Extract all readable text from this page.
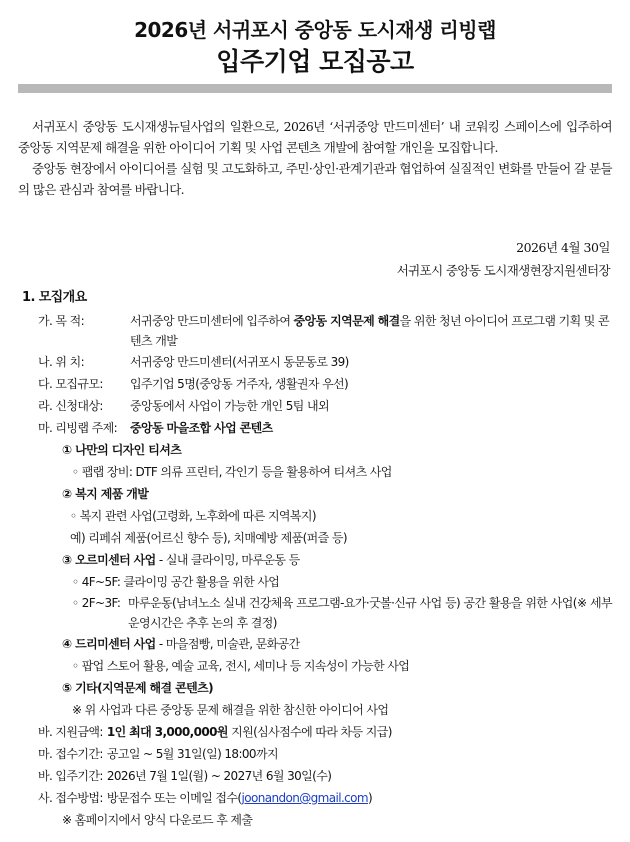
2026년 서귀포시 중앙동 도시재생 리빙랩
입주기업 모집공고

서귀포시 중앙동 도시재생뉴딜사업의 일환으로, 2026년 ‘서귀중앙 만드미센터’ 내 코워킹 스페이스에 입주하여 중앙동 지역문제 해결을 위한 아이디어 기획 및 사업 콘텐츠 개발에 참여할 개인을 모집합니다.

중앙동 현장에서 아이디어를 실험 및 고도화하고, 주민·상인·관계기관과 협업하여 실질적인 변화를 만들어 갈 분들의 많은 관심과 참여를 바랍니다.

2026년 4월 30일
서귀포시 중앙동 도시재생현장지원센터장
1. 모집개요
가. 목 적:	서귀중앙 만드미센터에 입주하여 중앙동 지역문제 해결을 위한 청년 아이디어 프로그램 기획 및 콘텐츠 개발
나. 위 치:	서귀중앙 만드미센터(서귀포시 동문동로 39)
다. 모집규모:	입주기업 5명(중앙동 거주자, 생활권자 우선)
라. 신청대상:	중앙동에서 사업이 가능한 개인 5팀 내외
마. 리빙랩 주제:	중앙동 마을조합 사업 콘텐츠
① 나만의 디자인 티셔츠
◦ 팹랩 장비: DTF 의류 프린터, 각인기 등을 활용하여 티셔츠 사업
② 복지 제품 개발
◦ 복지 관련 사업(고령화, 노후화에 따른 지역복지)
예) 리페쉬 제품(어르신 향수 등), 치매예방 제품(퍼즐 등)
③ 오르미센터 사업 - 실내 클라이밍, 마루운동 등
◦ 4F~5F: 클라이밍 공간 활용을 위한 사업
◦ 2F~3F: 마루운동(남녀노소 실내 건강체육 프로그램-요가·굿볼·신규 사업 등) 공간 활용을 위한 사업(※ 세부 운영시간은 추후 논의 후 결정)
④ 드리미센터 사업 - 마을점빵, 미술관, 문화공간
◦ 팝업 스토어 활용, 예술 교육, 전시, 세미나 등 지속성이 가능한 사업
⑤ 기타(지역문제 해결 콘텐츠)
※ 위 사업과 다른 중앙동 문제 해결을 위한 참신한 아이디어 사업
바. 지원금액: 1인 최대 3,000,000원 지원(심사점수에 따라 차등 지급)
마. 접수기간: 공고일 ~ 5월 31일(일) 18:00까지
바. 입주기간: 2026년 7월 1일(월) ~ 2027년 6월 30일(수)
사. 접수방법: 방문접수 또는 이메일 접수(joonandon@gmail.com)
※ 홈페이지에서 양식 다운로드 후 제출
